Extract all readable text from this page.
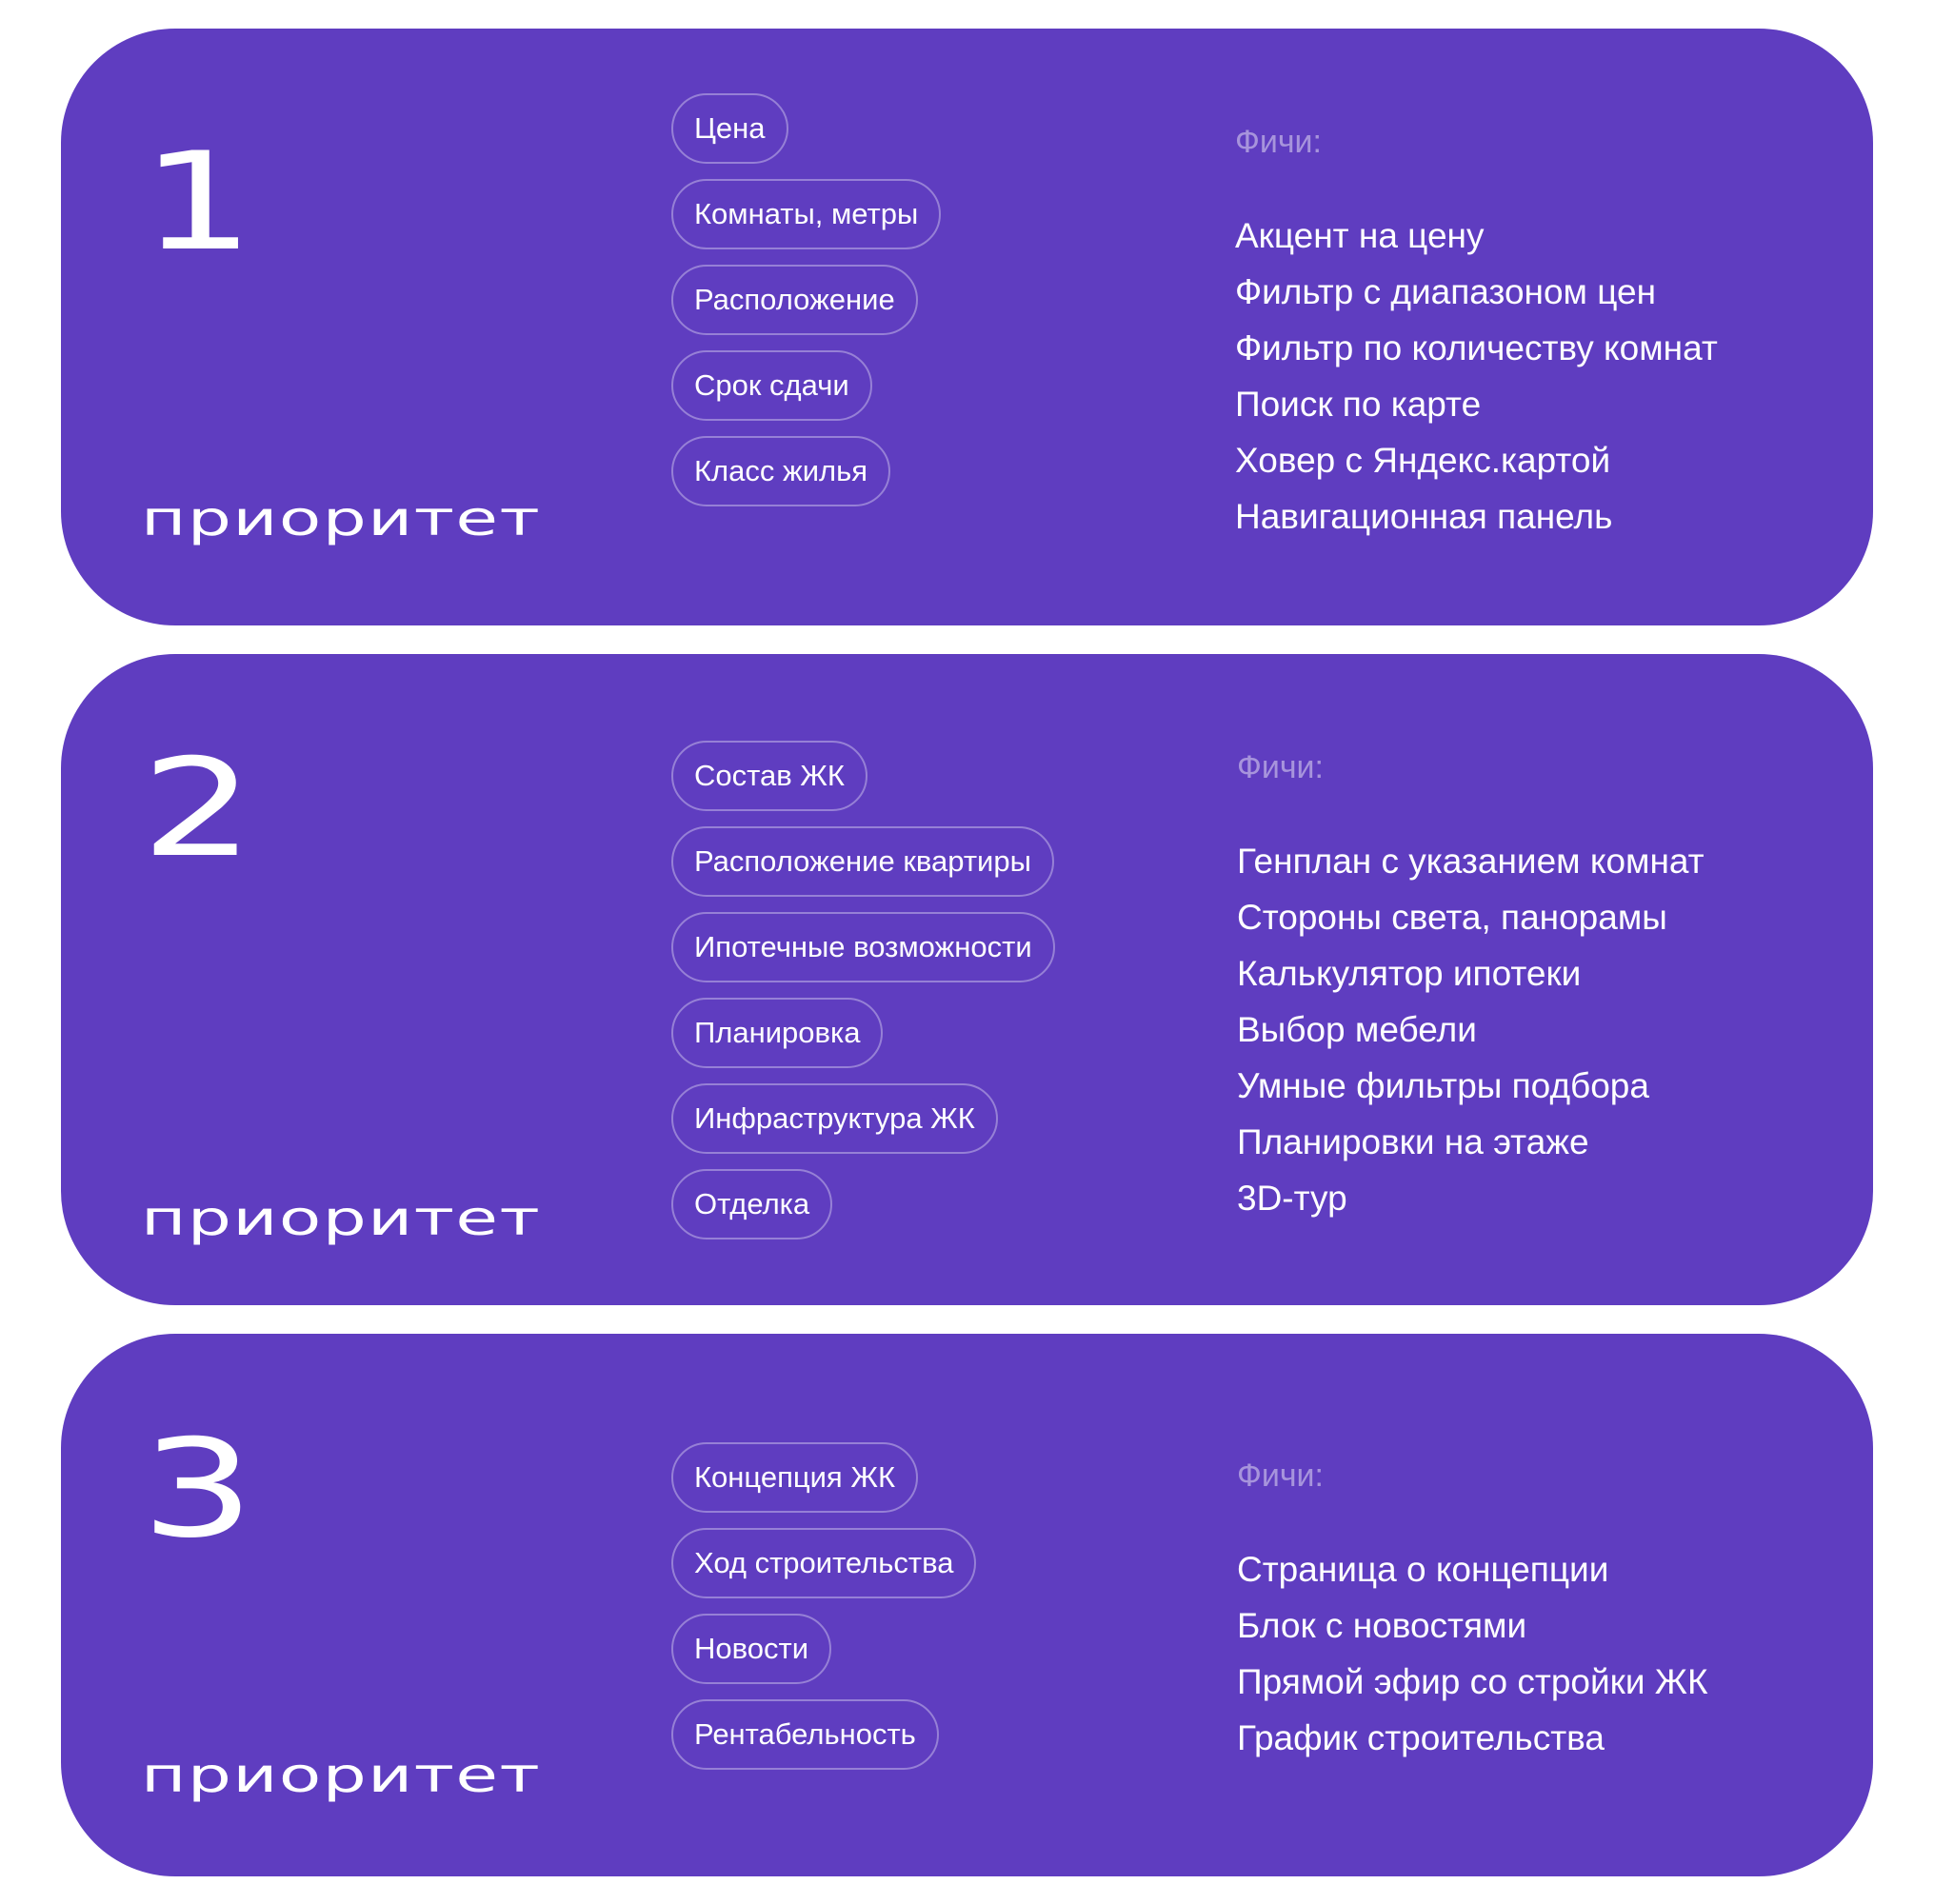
1
приоритет
Цена
Комнаты, метры
Расположение
Срок сдачи
Класс жилья
Фичи:
Акцент на цену
Фильтр с диапазоном цен
Фильтр по количеству комнат
Поиск по карте
Ховер с Яндекс.картой
Навигационная панель
2
приоритет
Состав ЖК
Расположение квартиры
Ипотечные возможности
Планировка
Инфраструктура ЖК
Отделка
Фичи:
Генплан с указанием комнат
Стороны света, панорамы
Калькулятор ипотеки
Выбор мебели
Умные фильтры подбора
Планировки на этаже
3D-тур
3
приоритет
Концепция ЖК
Ход строительства
Новости
Рентабельность
Фичи:
Страница о концепции
Блок с новостями
Прямой эфир со стройки ЖК
График строительства
